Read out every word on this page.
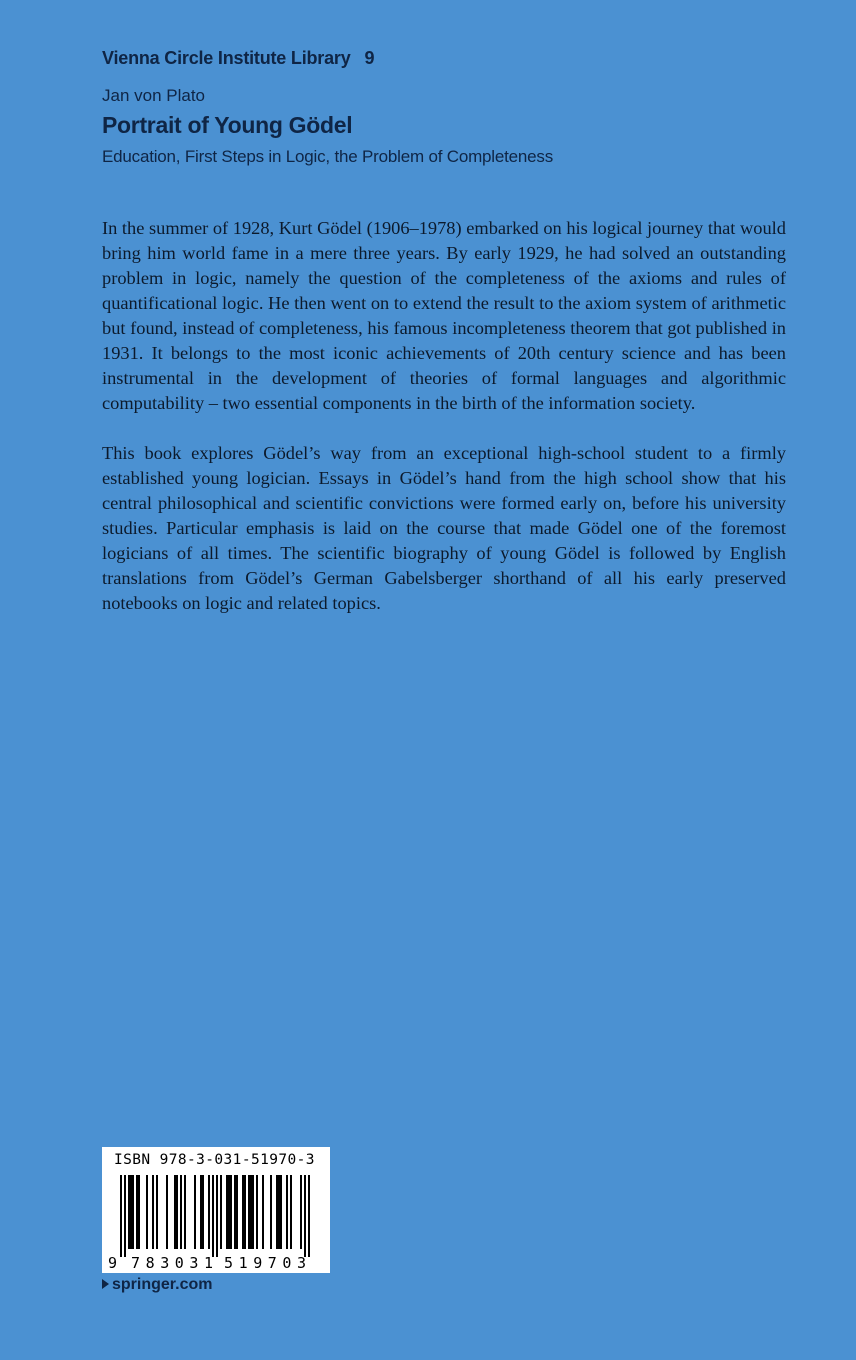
Vienna Circle Institute Library 9
Jan von Plato
Portrait of Young Gödel
Education, First Steps in Logic, the Problem of Completeness

In the summer of 1928, Kurt Gödel (1906–1978) embarked on his logical journey that would bring him world fame in a mere three years. By early 1929, he had solved an outstanding problem in logic, namely the question of the completeness of the axioms and rules of quantificational logic. He then went on to extend the result to the axiom system of arithmetic but found, instead of completeness, his famous incompleteness theorem that got published in 1931. It belongs to the most iconic achievements of 20th century science and has been instrumental in the development of theories of formal languages and algorithmic computability – two essential components in the birth of the information society.

This book explores Gödel’s way from an exceptional high-school student to a firmly established young logician. Essays in Gödel’s hand from the high school show that his central philosophical and scientific convictions were formed early on, before his university studies. Particular emphasis is laid on the course that made Gödel one of the foremost logicians of all times. The scientific biography of young Gödel is followed by English translations from Gödel’s German Gabelsberger shorthand of all his early preserved notebooks on logic and related topics.

ISBN 978-3-031-51970-3
9 783031 519703
springer.com
